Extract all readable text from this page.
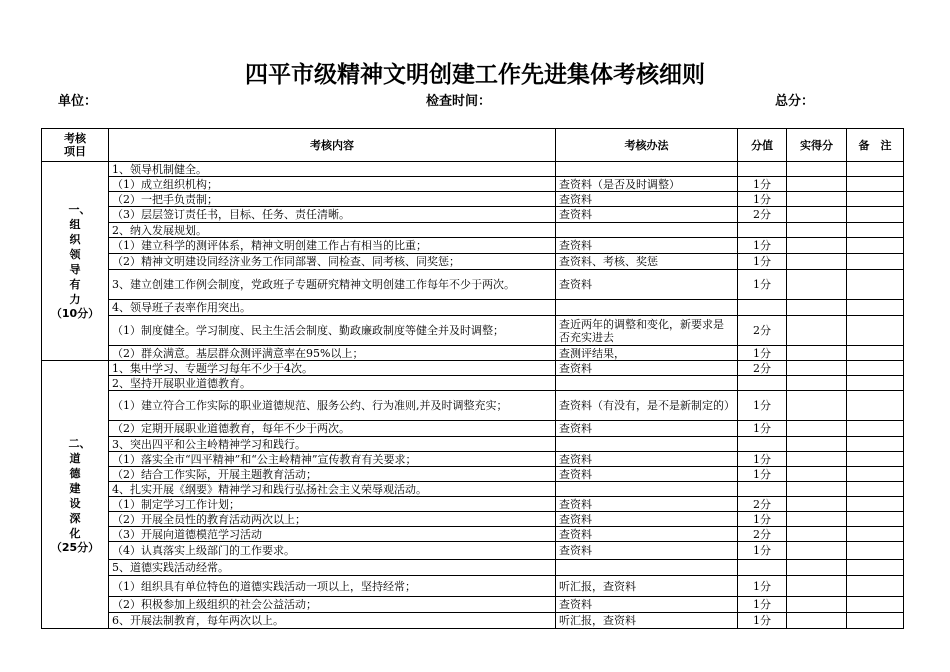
四平市级精神文明创建工作先进集体考核细则
单位：	检查时间：	总分：
考核项目	考核内容	考核办法	分值	实得分	备　注

一、组织领导有力
（10分）	1、领导机制健全。				
	（1）成立组织机构；	查资料（是否及时调整）	1分		
	（2）一把手负责制；	查资料	1分		
	（3）层层签订责任书，目标、任务、责任清晰。	查资料	2分		
	2、纳入发展规划。				
	（1）建立科学的测评体系，精神文明创建工作占有相当的比重；	查资料	1分		
	（2）精神文明建设同经济业务工作同部署、同检查、同考核、同奖惩；	查资料、考核、奖惩	1分		
	3、建立创建工作例会制度，党政班子专题研究精神文明创建工作每年不少于两次。	查资料	1分		
	4、领导班子表率作用突出。				
	（1）制度健全。学习制度、民主生活会制度、勤政廉政制度等健全并及时调整；	查近两年的调整和变化，新要求是否充实进去	2分		
	（2）群众满意。基层群众测评满意率在95%以上；	查测评结果，	1分		

二、道德建设深化
（25分）	1、集中学习、专题学习每年不少于4次。	查资料	2分		
	2、坚持开展职业道德教育。				
	（1）建立符合工作实际的职业道德规范、服务公约、行为准则,并及时调整充实；	查资料（有没有，是不是新制定的）	1分		
	（2）定期开展职业道德教育，每年不少于两次。	查资料	1分		
	3、突出四平和公主岭精神学习和践行。				
	（1）落实全市“四平精神”和“公主岭精神”宣传教育有关要求；	查资料	1分		
	（2）结合工作实际，开展主题教育活动；	查资料	1分		
	4、扎实开展《纲要》精神学习和践行弘扬社会主义荣辱观活动。				
	（1）制定学习工作计划；	查资料	2分		
	（2）开展全员性的教育活动两次以上；	查资料	1分		
	（3）开展向道德模范学习活动	查资料	2分		
	（4）认真落实上级部门的工作要求。	查资料	1分		
	5、道德实践活动经常。				
	（1）组织具有单位特色的道德实践活动一项以上，坚持经常；	听汇报，查资料	1分		
	（2）积极参加上级组织的社会公益活动；	查资料	1分		
	6、开展法制教育，每年两次以上。	听汇报，查资料	1分		
